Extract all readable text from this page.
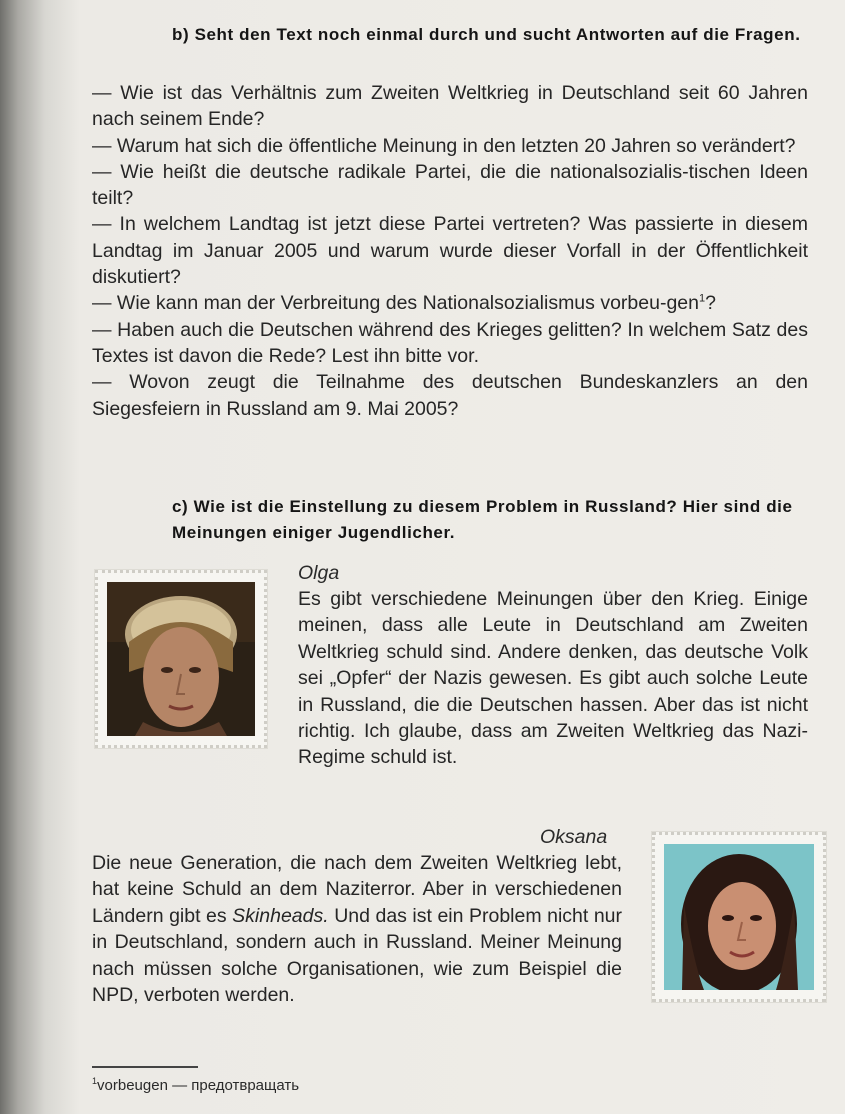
b) Seht den Text noch einmal durch und sucht Antworten auf die Fragen.

— Wie ist das Verhältnis zum Zweiten Weltkrieg in Deutschland seit 60 Jahren nach seinem Ende?

— Warum hat sich die öffentliche Meinung in den letzten 20 Jahren so verändert?

— Wie heißt die deutsche radikale Partei, die die nationalsozialis-tischen Ideen teilt?

— In welchem Landtag ist jetzt diese Partei vertreten? Was passierte in diesem Landtag im Januar 2005 und warum wurde dieser Vorfall in der Öffentlichkeit diskutiert?

— Wie kann man der Verbreitung des Nationalsozialismus vorbeu-gen$^1$?

— Haben auch die Deutschen während des Krieges gelitten? In welchem Satz des Textes ist davon die Rede? Lest ihn bitte vor.

— Wovon zeugt die Teilnahme des deutschen Bundeskanzlers an den Siegesfeiern in Russland am 9. Mai 2005?

c) Wie ist die Einstellung zu diesem Problem in Russland? Hier sind die Meinungen einiger Jugendlicher.

Olga

Es gibt verschiedene Meinungen über den Krieg. Einige meinen, dass alle Leute in Deutschland am Zweiten Weltkrieg schuld sind. Andere denken, das deutsche Volk sei „Opfer“ der Nazis gewesen. Es gibt auch solche Leute in Russland, die die Deutschen hassen. Aber das ist nicht richtig. Ich glaube, dass am Zweiten Weltkrieg das Nazi-Regime schuld ist.

Oksana

Die neue Generation, die nach dem Zweiten Weltkrieg lebt, hat keine Schuld an dem Naziterror. Aber in verschiedenen Ländern gibt es Skinheads. Und das ist ein Problem nicht nur in Deutschland, sondern auch in Russland. Meiner Meinung nach müssen solche Organisationen, wie zum Beispiel die NPD, verboten werden.

$^1$vorbeugen — предотвращать
